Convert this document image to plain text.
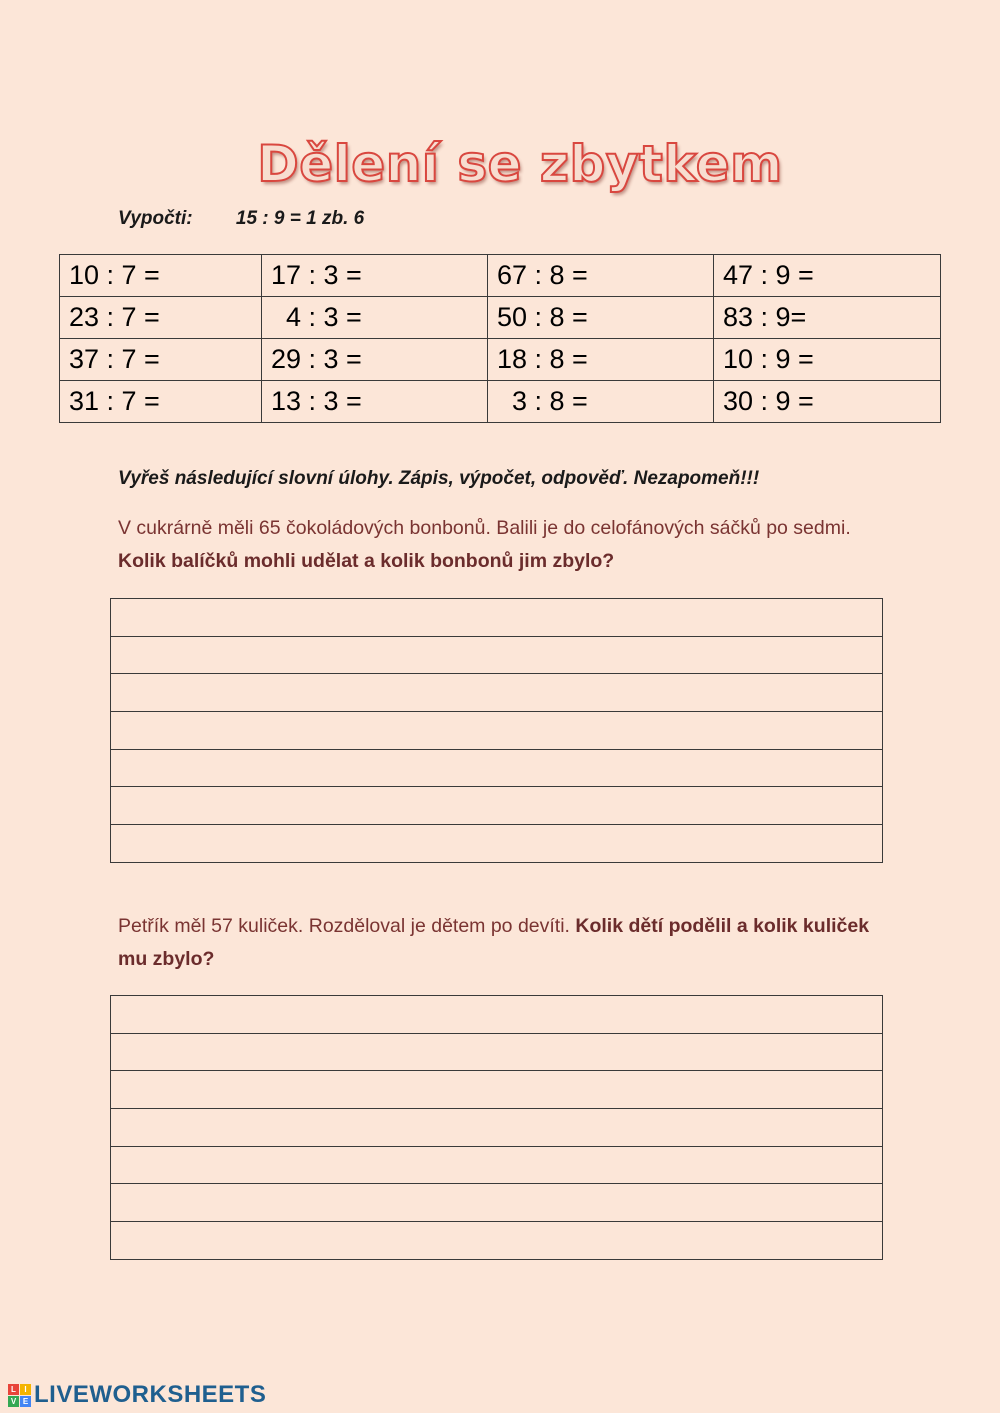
Dělení se zbytkem
Vypočti: 15 : 9 = 1 zb. 6
10 : 7 =	17 : 3 =	67 : 8 =	47 : 9 =
23 : 7 =	4 : 3 =	50 : 8 =	83 : 9=
37 : 7 =	29 : 3 =	18 : 8 =	10 : 9 =
31 : 7 =	13 : 3 =	3 : 8 =	30 : 9 =
Vyřeš následující slovní úlohy. Zápis, výpočet, odpověď. Nezapomeň!!!
V cukrárně měli 65 čokoládových bonbonů. Balili je do celofánových sáčků po sedmi. Kolik balíčků mohli udělat a kolik bonbonů jim zbylo?
Petřík měl 57 kuliček. Rozděloval je dětem po devíti. Kolik dětí podělil a kolik kuliček mu zbylo?
L	I
V E LIVEWORKSHEETS
